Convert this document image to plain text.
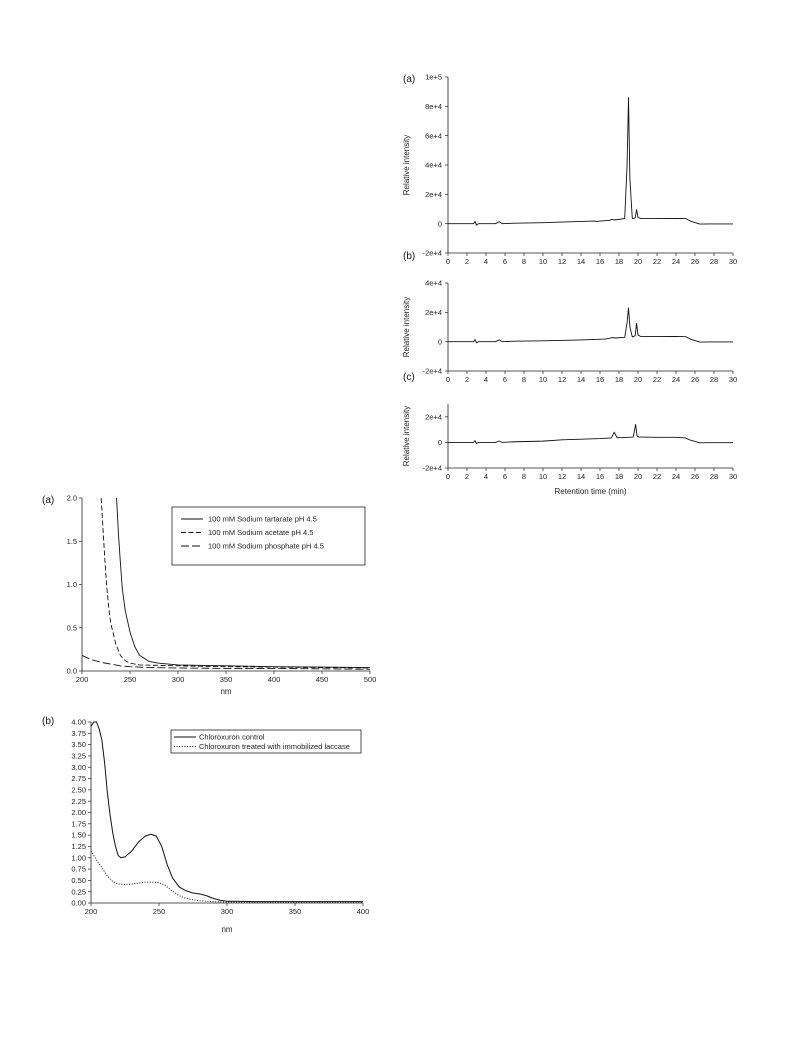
0 2 4 6 8 10 12 14 16 18 20 22 24 26 28 30
-2e+4
0
2e+4
4e+4
6e+4
8e+4
1e+5
(a)
Relative intensity
0 2 4 6 8 10 12 14 16 18 20 22 24 26 28 30
-2e+4
0
2e+4
4e+4
(b)
Relative intensity
0 2 4 6 8 10 12 14 16 18 20 22 24 26 28 30
-2e+4
0
2e+4
(c)
Relative intensity
Retention time (min)
200	250	300	350	400	450	500
0.0
0.5
1.0
1.5
2.0
(a)
nm
100 mM Sodium tartarate pH 4.5
100 mM Sodium acetate pH 4.5
100 mM Sodium phosphate pH 4.5
200	250	300	350	400
0.00
0.25
0.50
0.75
1.00
1.25
1.50
1.75
2.00
2.25
2.50
2.75
3.00
3.25
3.50
3.75
4.00
(b)
nm
Chloroxuron control
Chloroxuron treated with immobilized laccase
